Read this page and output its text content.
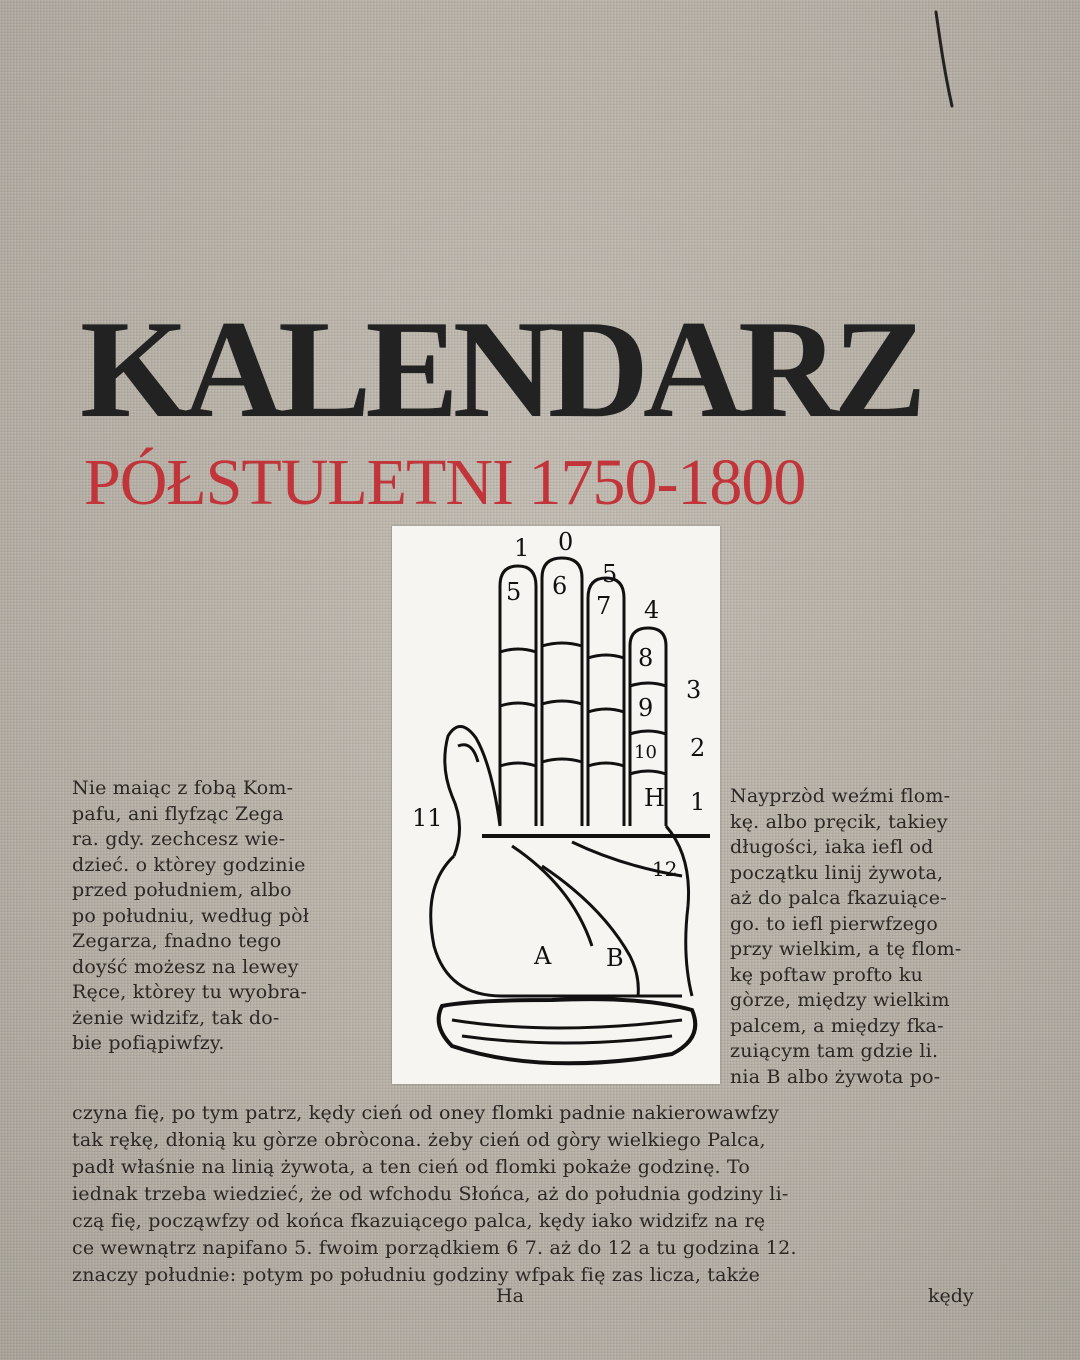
KALENDARZ
PÓŁSTULETNI 1750-1800
1 0
5
5 6
7 4
8
3
9
10 2
H 1
12
11
A B
Nie maiąc z fobą Kom-
pafu, ani flyfząc Zega
ra. gdy. zechcesz wie-
dzieć. o ktòrey godzinie
przed południem, albo
po południu, według pòł
Zegarza, fnadno tego
doyść możesz na lewey
Ręce, ktòrey tu wyobra-
żenie widzifz, tak do-
bie pofiąpiwfzy.
Nayprzòd weźmi flom-
kę. albo pręcik, takiey
długości, iaka iefl od
początku linij żywota,
aż do palca fkazuiące-
go. to iefl pierwfzego
przy wielkim, a tę flom-
kę poftaw profto ku
gòrze, między wielkim
palcem, a między fka-
zuiącym tam gdzie li.
nia B albo żywota po-
czyna fię, po tym patrz, kędy cień od oney flomki padnie nakierowawfzy
tak rękę, dłonią ku gòrze obròcona. żeby cień od gòry wielkiego Palca,
padł właśnie na linią żywota, a ten cień od flomki pokaże godzinę. To
iednak trzeba wiedzieć, że od wfchodu Słońca, aż do południa godziny li-
czą fię, począwfzy od końca fkazuiącego palca, kędy iako widzifz na rę
ce wewnątrz napifano 5. fwoim porządkiem 6 7. aż do 12 a tu godzina 12.
znaczy południe: potym po południu godziny wfpak fię zas licza, także
Ha	kędy
